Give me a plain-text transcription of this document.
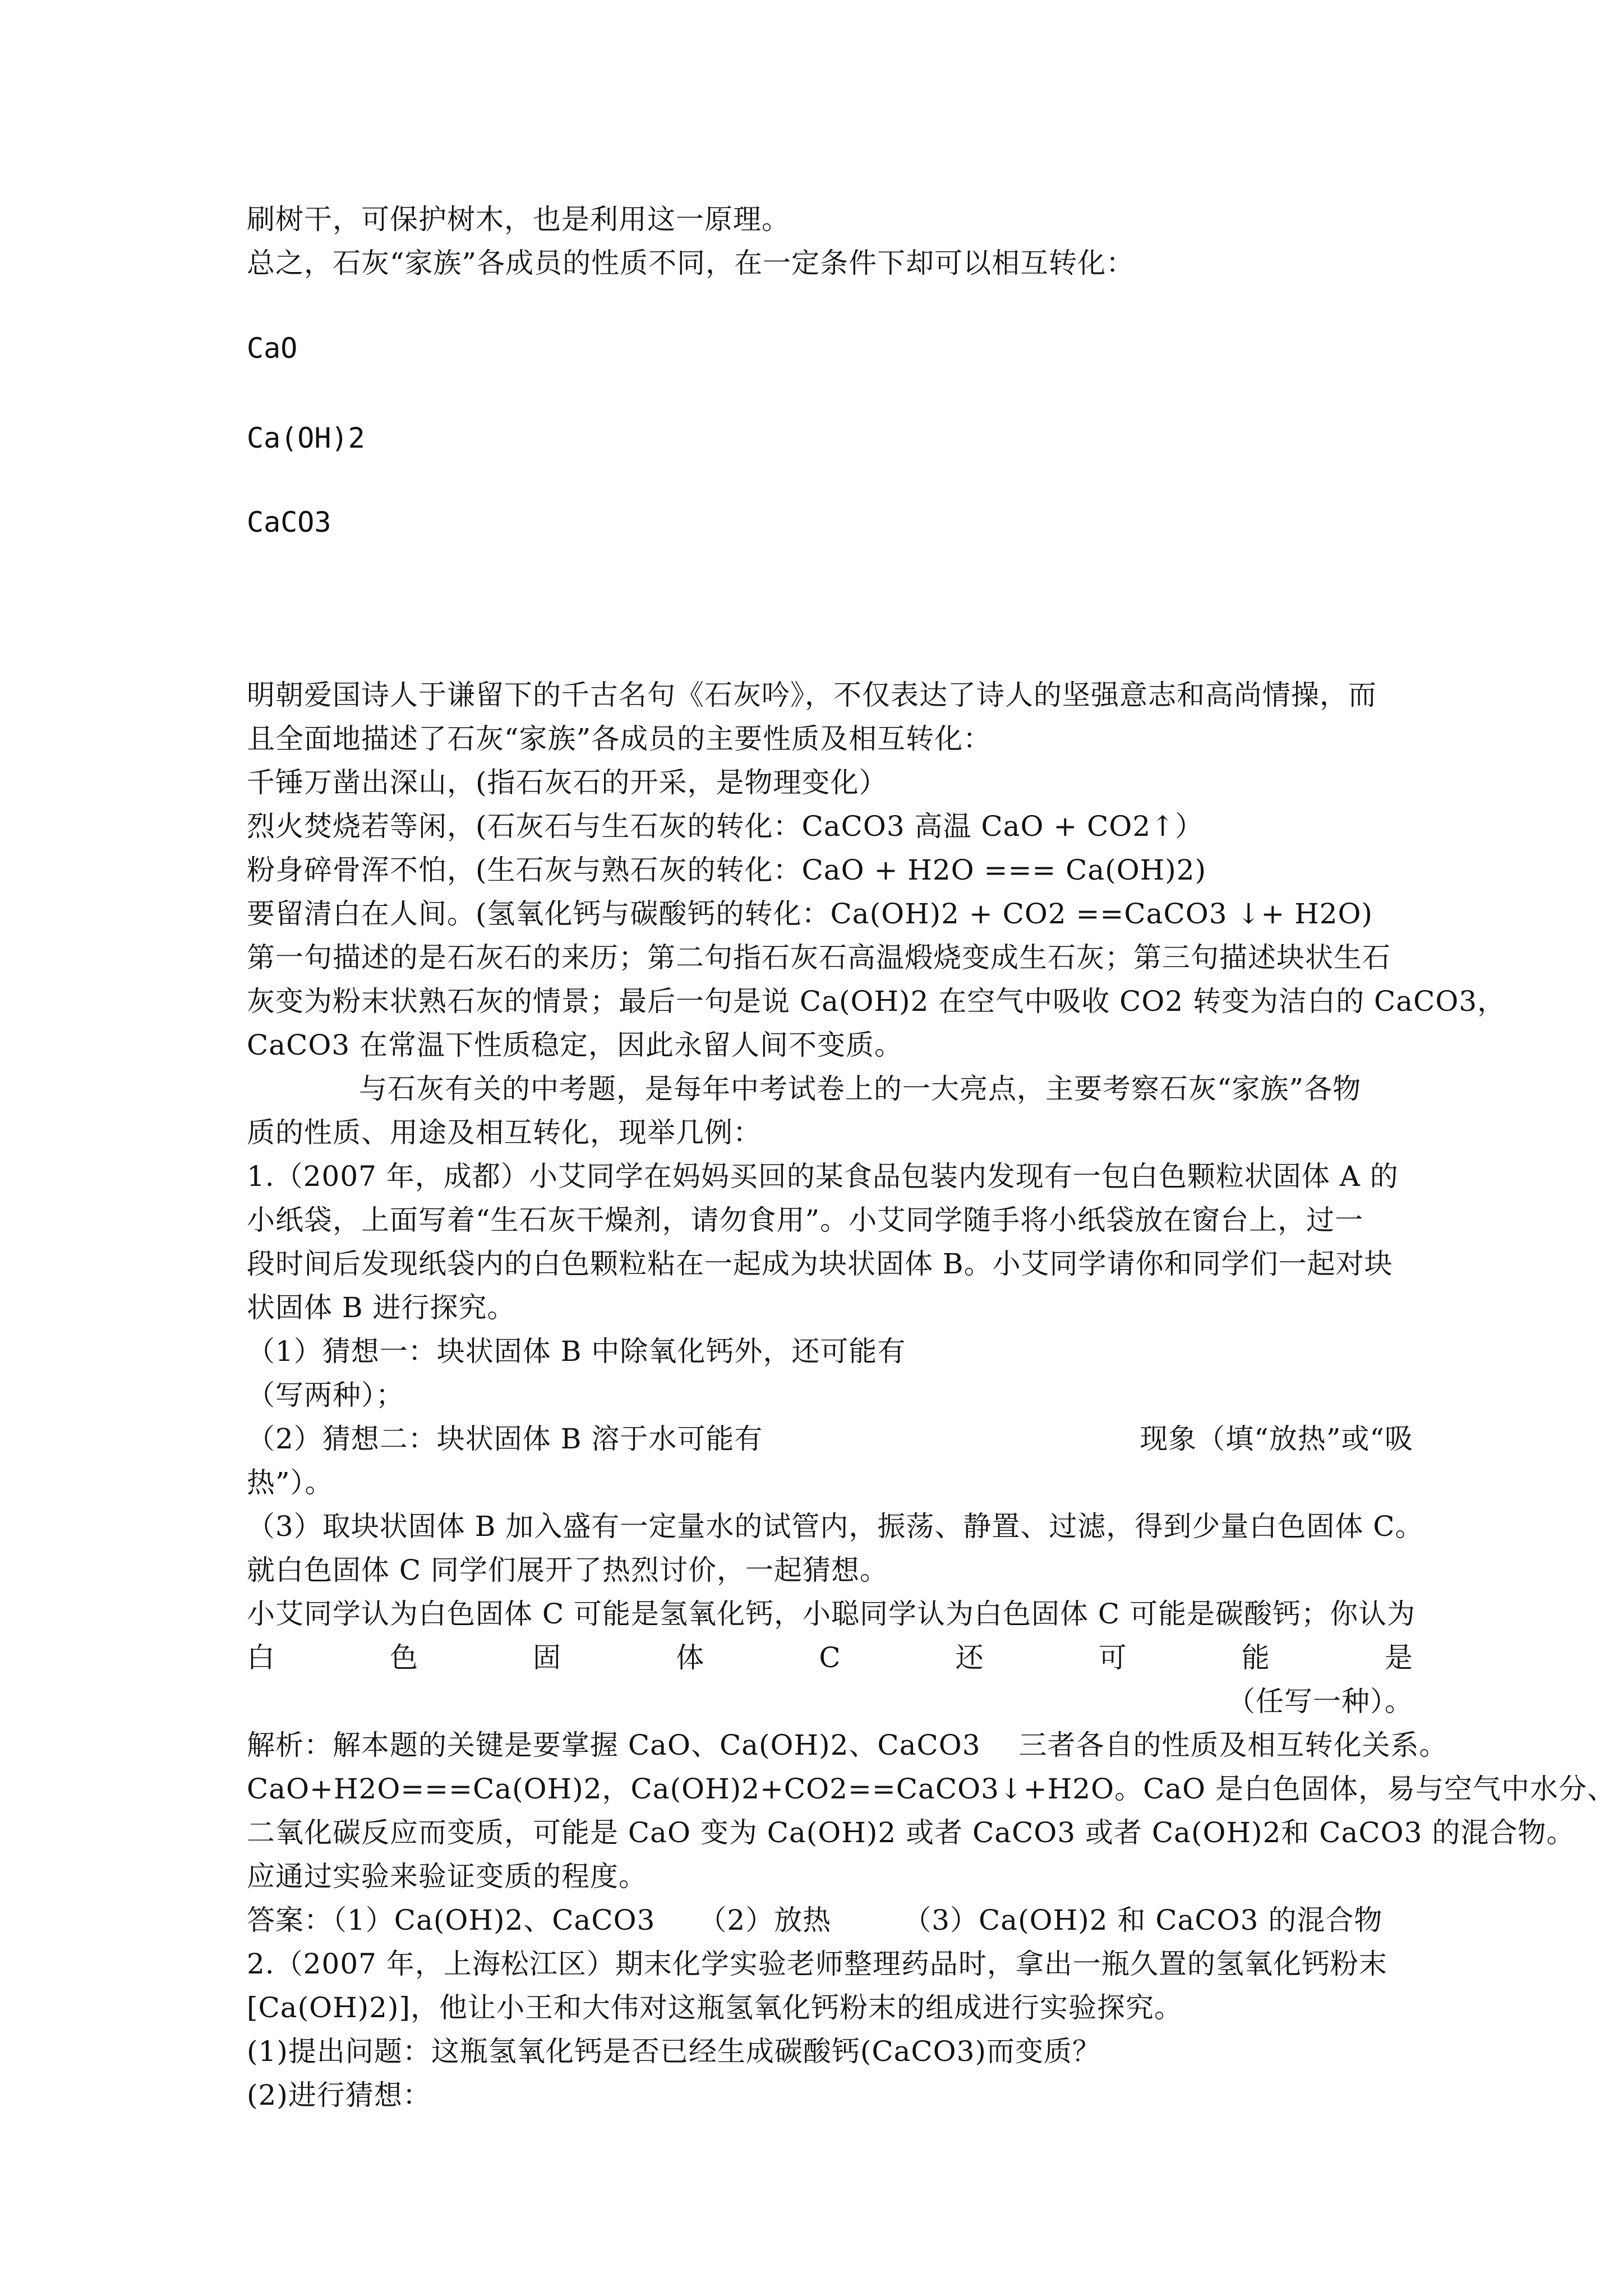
刷树干，可保护树木，也是利用这一原理。

总之，石灰“家族”各成员的性质不同，在一定条件下却可以相互转化：

CaO
Ca(OH)2
CaCO3

明朝爱国诗人于谦留下的千古名句《石灰吟》，不仅表达了诗人的坚强意志和高尚情操，而

且全面地描述了石灰“家族”各成员的主要性质及相互转化：

千锤万凿出深山，(指石灰石的开采，是物理变化）

烈火焚烧若等闲，(石灰石与生石灰的转化：CaCO3 高温 CaO + CO2↑）

粉身碎骨浑不怕，(生石灰与熟石灰的转化：CaO + H2O === Ca(OH)2)

要留清白在人间。(氢氧化钙与碳酸钙的转化：Ca(OH)2 + CO2 ==CaCO3 ↓+ H2O)

第一句描述的是石灰石的来历；第二句指石灰石高温煅烧变成生石灰；第三句描述块状生石

灰变为粉末状熟石灰的情景；最后一句是说 Ca(OH)2 在空气中吸收 CO2 转变为洁白的 CaCO3，

CaCO3 在常温下性质稳定，因此永留人间不变质。

与石灰有关的中考题，是每年中考试卷上的一大亮点，主要考察石灰“家族”各物

质的性质、用途及相互转化，现举几例：

1.（2007 年，成都）小艾同学在妈妈买回的某食品包装内发现有一包白色颗粒状固体 A 的

小纸袋，上面写着“生石灰干燥剂，请勿食用”。小艾同学随手将小纸袋放在窗台上，过一

段时间后发现纸袋内的白色颗粒粘在一起成为块状固体 B。小艾同学请你和同学们一起对块

状固体 B 进行探究。

（1）猜想一：块状固体 B 中除氧化钙外，还可能有

（写两种）；

（2）猜想二：块状固体 B 溶于水可能有	现象（填“放热”或“吸

热”）。

（3）取块状固体 B 加入盛有一定量水的试管内，振荡、静置、过滤，得到少量白色固体 C。

就白色固体 C 同学们展开了热烈讨价，一起猜想。

小艾同学认为白色固体 C 可能是氢氧化钙，小聪同学认为白色固体 C 可能是碳酸钙；你认为

白	色	固	体	C	还	可	能	是
（任写一种）。

解析：解本题的关键是要掌握 CaO、Ca(OH)2、CaCO3　 三者各自的性质及相互转化关系。

CaO+H2O===Ca(OH)2，Ca(OH)2+CO2==CaCO3↓+H2O。CaO 是白色固体，易与空气中水分、

二氧化碳反应而变质，可能是 CaO 变为 Ca(OH)2 或者 CaCO3 或者 Ca(OH)2和 CaCO3 的混合物。

应通过实验来验证变质的程度。

答案：（1）Ca(OH)2、CaCO3　　（2）放热　　　（3）Ca(OH)2 和 CaCO3 的混合物

2.（2007 年，上海松江区）期末化学实验老师整理药品时，拿出一瓶久置的氢氧化钙粉末

[Ca(OH)2)]，他让小王和大伟对这瓶氢氧化钙粉末的组成进行实验探究。

(1)提出问题：这瓶氢氧化钙是否已经生成碳酸钙(CaCO3)而变质？

(2)进行猜想：
